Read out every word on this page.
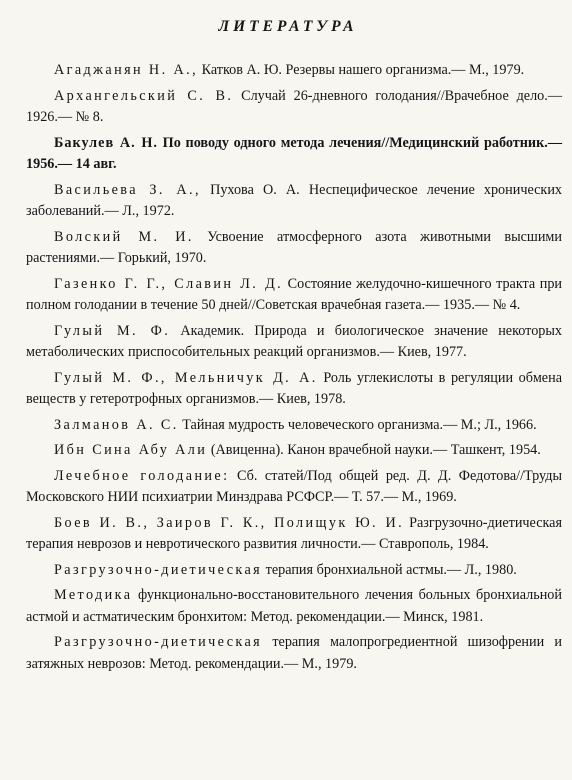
ЛИТЕРАТУРА
Агаджанян Н. А., Катков А. Ю. Резервы нашего организма.— М., 1979.
Архангельский С. В. Случай 26-дневного голодания//Врачебное дело.— 1926.— № 8.
Бакулев А. Н. По поводу одного метода лечения//Медицинский работник.— 1956.— 14 авг.
Васильева З. А., Пухова О. А. Неспецифическое лечение хронических заболеваний.— Л., 1972.
Волский М. И. Усвоение атмосферного азота животными высшими растениями.— Горький, 1970.
Газенко Г. Г., Славин Л. Д. Состояние желудочно-кишечного тракта при полном голодании в течение 50 дней//Советская врачебная газета.— 1935.— № 4.
Гулый М. Ф. Академик. Природа и биологическое значение некоторых метаболических приспособительных реакций организмов.— Киев, 1977.
Гулый М. Ф., Мельничук Д. А. Роль углекислоты в регуляции обмена веществ у гетеротрофных организмов.— Киев, 1978.
Залманов А. С. Тайная мудрость человеческого организма.— М.; Л., 1966.
Ибн Сина Абу Али (Авиценна). Канон врачебной науки.— Ташкент, 1954.
Лечебное голодание: Сб. статей/Под общей ред. Д. Д. Федотова//Труды Московского НИИ психиатрии Минздрава РСФСР.— Т. 57.— М., 1969.
Боев И. В., Заиров Г. К., Полищук Ю. И. Разгрузочно-диетическая терапия неврозов и невротического развития личности.— Ставрополь, 1984.
Разгрузочно-диетическая терапия бронхиальной астмы.— Л., 1980.
Методика функционально-восстановительного лечения больных бронхиальной астмой и астматическим бронхитом: Метод. рекомендации.— Минск, 1981.
Разгрузочно-диетическая терапия малопрогредиентной шизофрении и затяжных неврозов: Метод. рекомендации.— М., 1979.
